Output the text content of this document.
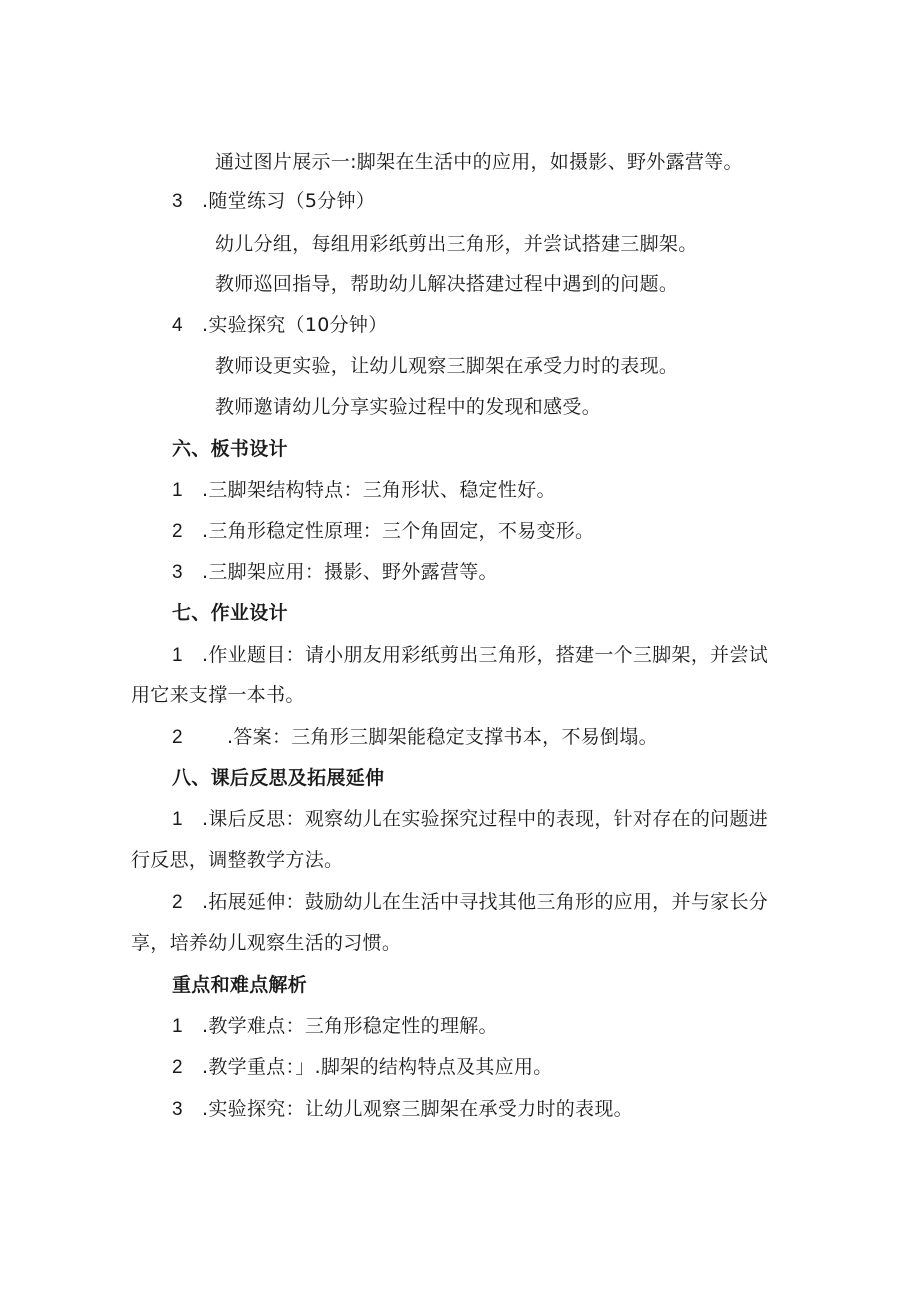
通过图片展示一:脚架在生活中的应用，如摄影、野外露营等。
3 .随堂练习（5分钟）
幼儿分组，每组用彩纸剪出三角形，并尝试搭建三脚架。
教师巡回指导，帮助幼儿解决搭建过程中遇到的问题。
4 .实验探究（10分钟）
教师设更实验，让幼儿观察三脚架在承受力时的表现。
教师邀请幼儿分享实验过程中的发现和感受。
六、板书设计
1 .三脚架结构特点：三角形状、稳定性好。
2 .三角形稳定性原理：三个角固定，不易变形。
3 .三脚架应用：摄影、野外露营等。
七、作业设计
1 .作业题目：请小朋友用彩纸剪出三角形，搭建一个三脚架，并尝试
用它来支撑一本书。
2 .答案：三角形三脚架能稳定支撑书本，不易倒塌。
八、课后反思及拓展延伸
1 .课后反思：观察幼儿在实验探究过程中的表现，针对存在的问题进
行反思，调整教学方法。
2 .拓展延伸：鼓励幼儿在生活中寻找其他三角形的应用，并与家长分
享，培养幼儿观察生活的习惯。
重点和难点解析
1 .教学难点：三角形稳定性的理解。
2 .教学重点：」.脚架的结构特点及其应用。
3 .实验探究：让幼儿观察三脚架在承受力时的表现。
